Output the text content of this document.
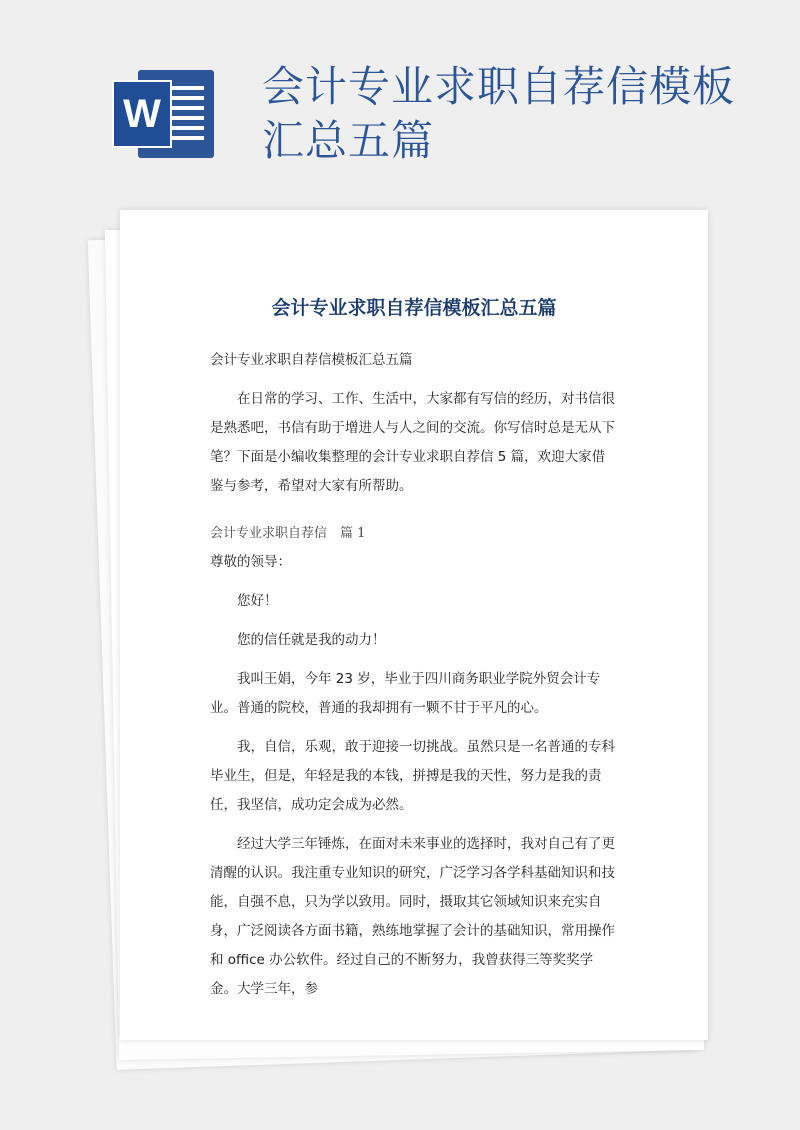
W
会计专业求职自荐信模板汇总五篇
会计专业求职自荐信模板汇总五篇

会计专业求职自荐信模板汇总五篇

在日常的学习、工作、生活中，大家都有写信的经历，对书信很是熟悉吧，书信有助于增进人与人之间的交流。你写信时总是无从下笔？下面是小编收集整理的会计专业求职自荐信 5 篇，欢迎大家借鉴与参考，希望对大家有所帮助。

会计专业求职自荐信　篇 1

尊敬的领导：

您好！

您的信任就是我的动力！

我叫王娟，今年 23 岁，毕业于四川商务职业学院外贸会计专业。普通的院校，普通的我却拥有一颗不甘于平凡的心。

我，自信，乐观，敢于迎接一切挑战。虽然只是一名普通的专科毕业生，但是，年轻是我的本钱，拼搏是我的天性，努力是我的责任，我坚信，成功定会成为必然。

经过大学三年锤炼，在面对未来事业的选择时，我对自己有了更清醒的认识。我注重专业知识的研究，广泛学习各学科基础知识和技能，自强不息，只为学以致用。同时，摄取其它领域知识来充实自身，广泛阅读各方面书籍，熟练地掌握了会计的基础知识，常用操作和 office 办公软件。经过自己的不断努力，我曾获得三等奖奖学金。大学三年，参
